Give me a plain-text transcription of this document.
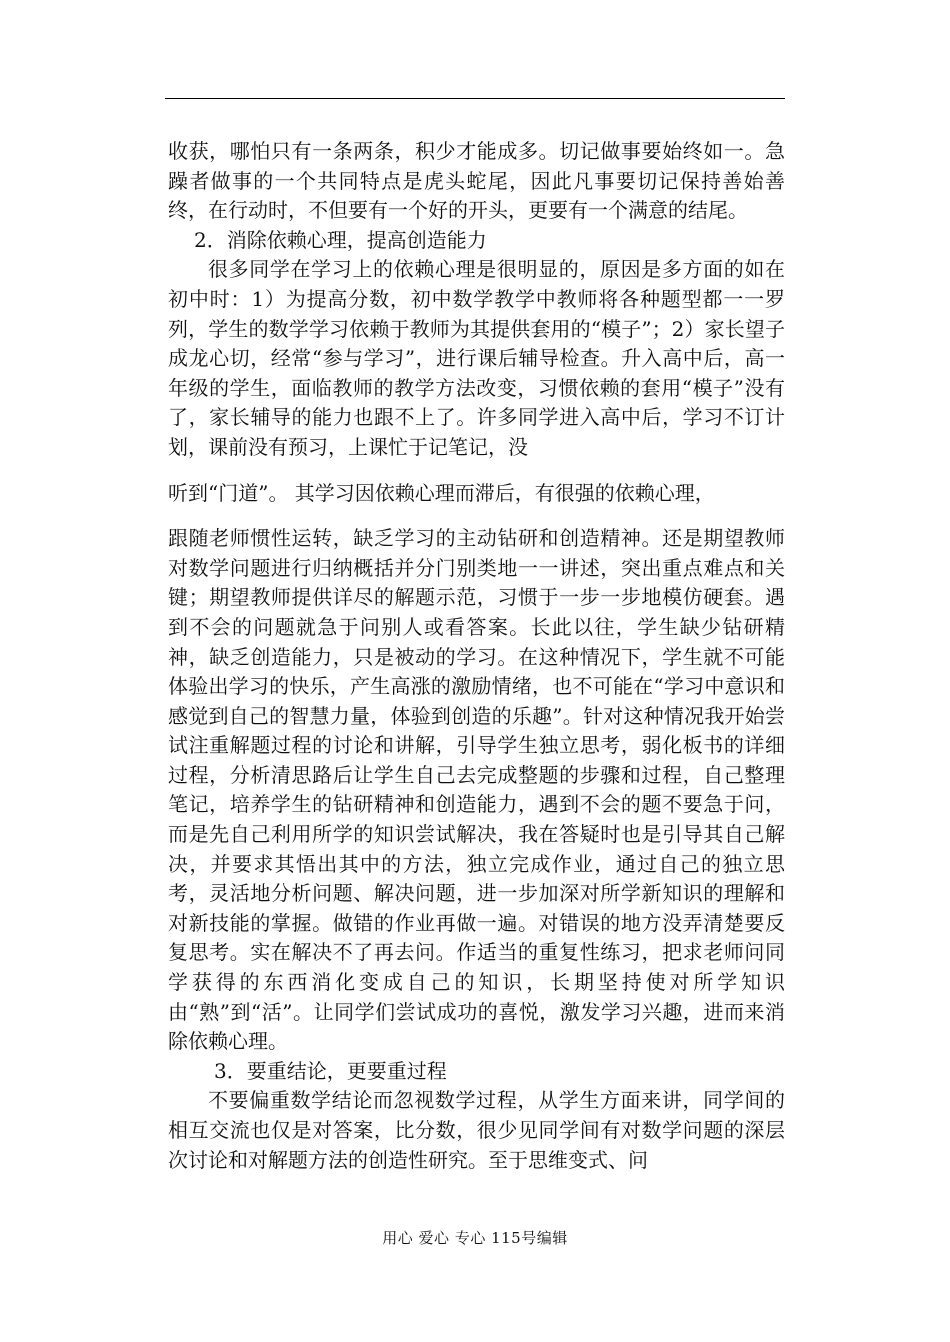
收获，哪怕只有一条两条，积少才能成多。切记做事要始终如一。急躁者做事的一个共同特点是虎头蛇尾，因此凡事要切记保持善始善终，在行动时，不但要有一个好的开头，更要有一个满意的结尾。

2．消除依赖心理，提高创造能力

很多同学在学习上的依赖心理是很明显的，原因是多方面的如在初中时：1）为提高分数，初中数学教学中教师将各种题型都一一罗列，学生的数学学习依赖于教师为其提供套用的“模子”；2）家长望子成龙心切，经常“参与学习”，进行课后辅导检查。升入高中后，高一年级的学生，面临教师的教学方法改变，习惯依赖的套用“模子”没有了，家长辅导的能力也跟不上了。许多同学进入高中后，学习不订计划，课前没有预习，上课忙于记笔记，没

听到“门道”。 其学习因依赖心理而滞后，有很强的依赖心理，

跟随老师惯性运转，缺乏学习的主动钻研和创造精神。还是期望教师对数学问题进行归纳概括并分门别类地一一讲述，突出重点难点和关键；期望教师提供详尽的解题示范，习惯于一步一步地模仿硬套。遇到不会的问题就急于问别人或看答案。长此以往，学生缺少钻研精神，缺乏创造能力，只是被动的学习。在这种情况下，学生就不可能体验出学习的快乐，产生高涨的激励情绪，也不可能在“学习中意识和感觉到自己的智慧力量，体验到创造的乐趣”。针对这种情况我开始尝试注重解题过程的讨论和讲解，引导学生独立思考，弱化板书的详细过程，分析清思路后让学生自己去完成整题的步骤和过程，自己整理笔记，培养学生的钻研精神和创造能力，遇到不会的题不要急于问，而是先自己利用所学的知识尝试解决，我在答疑时也是引导其自己解决，并要求其悟出其中的方法，独立完成作业，通过自己的独立思考，灵活地分析问题、解决问题，进一步加深对所学新知识的理解和对新技能的掌握。做错的作业再做一遍。对错误的地方没弄清楚要反复思考。实在解决不了再去问。作适当的重复性练习，把求老师问同学获得的东西消化变成自己的知识，长期坚持使对所学知识由“熟”到“活”。让同学们尝试成功的喜悦，激发学习兴趣，进而来消除依赖心理。

3．要重结论，更要重过程

不要偏重数学结论而忽视数学过程，从学生方面来讲，同学间的相互交流也仅是对答案，比分数，很少见同学间有对数学问题的深层次讨论和对解题方法的创造性研究。至于思维变式、问

用心 爱心 专心 115号编辑
